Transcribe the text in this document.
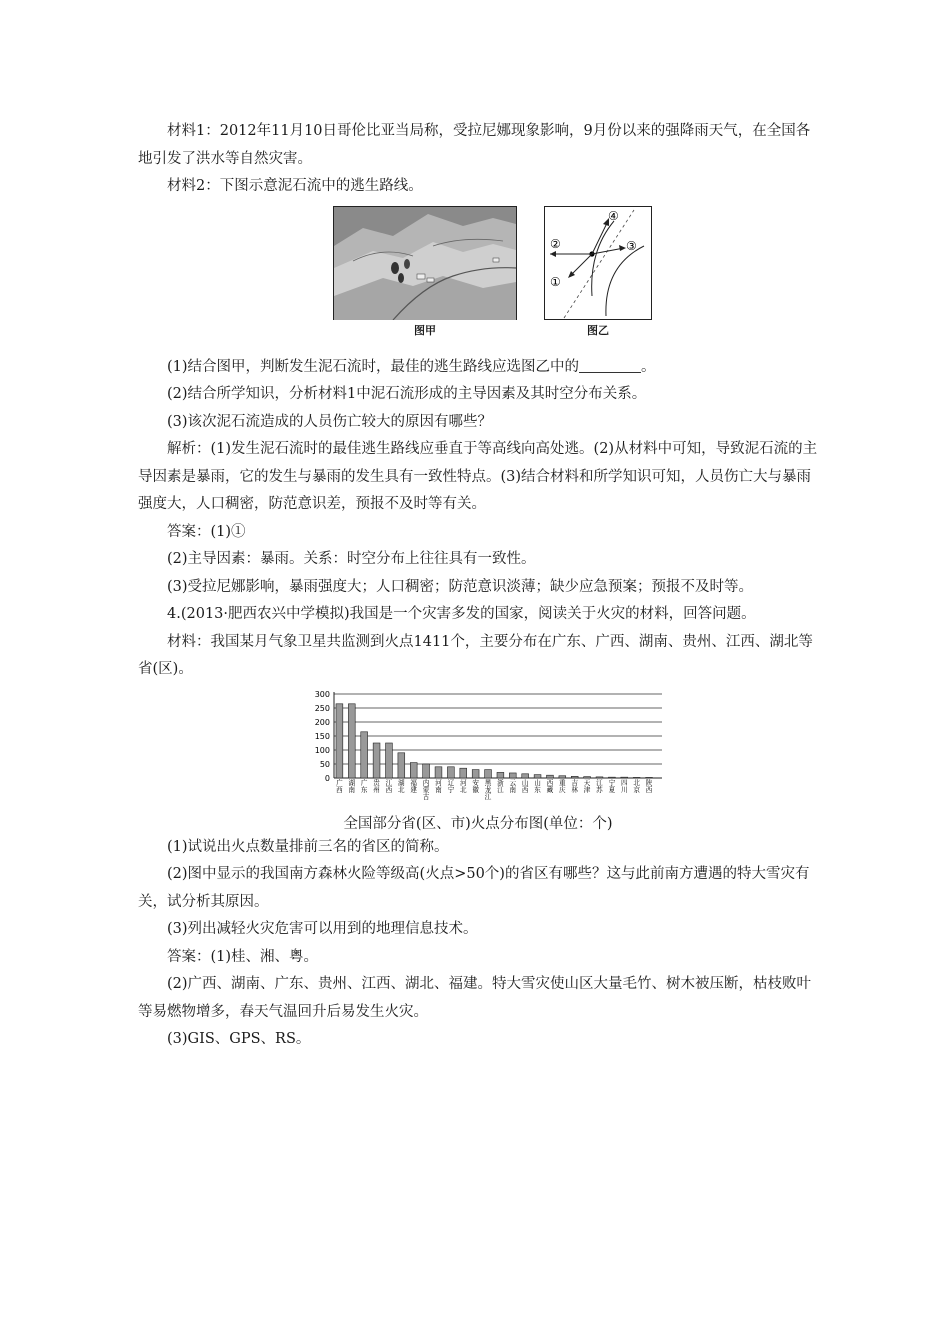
材料1：2012年11月10日哥伦比亚当局称，受拉尼娜现象影响，9月份以来的强降雨天气，在全国各地引发了洪水等自然灾害。

材料2：下图示意泥石流中的逃生路线。

图甲
②
④
③
①
图乙

(1)结合图甲，判断发生泥石流时，最佳的逃生路线应选图乙中的	。

(2)结合所学知识，分析材料1中泥石流形成的主导因素及其时空分布关系。

(3)该次泥石流造成的人员伤亡较大的原因有哪些？

解析：(1)发生泥石流时的最佳逃生路线应垂直于等高线向高处逃。(2)从材料中可知，导致泥石流的主导因素是暴雨，它的发生与暴雨的发生具有一致性特点。(3)结合材料和所学知识可知，人员伤亡大与暴雨强度大，人口稠密，防范意识差，预报不及时等有关。

答案：(1)①

(2)主导因素：暴雨。关系：时空分布上往往具有一致性。

(3)受拉尼娜影响，暴雨强度大；人口稠密；防范意识淡薄；缺少应急预案；预报不及时等。

4.(2013·肥西农兴中学模拟)我国是一个灾害多发的国家，阅读关于火灾的材料，回答问题。

材料：我国某月气象卫星共监测到火点1411个，主要分布在广东、广西、湖南、贵州、江西、湖北等省(区)。

0
50
100
150
200
250
300
广西
湖南
广东
贵州
江西
湖北
福建
内蒙古
河南
辽宁
河北
安徽
黑龙江
浙江
云南
山西
山东
西藏
重庆
吉林
天津
江苏
宁夏
四川
北京
陕西
全国部分省(区、市)火点分布图(单位：个)

(1)试说出火点数量排前三名的省区的简称。

(2)图中显示的我国南方森林火险等级高(火点>50个)的省区有哪些？这与此前南方遭遇的特大雪灾有关，试分析其原因。

(3)列出减轻火灾危害可以用到的地理信息技术。

答案：(1)桂、湘、粤。

(2)广西、湖南、广东、贵州、江西、湖北、福建。特大雪灾使山区大量毛竹、树木被压断，枯枝败叶等易燃物增多，春天气温回升后易发生火灾。

(3)GIS、GPS、RS。
